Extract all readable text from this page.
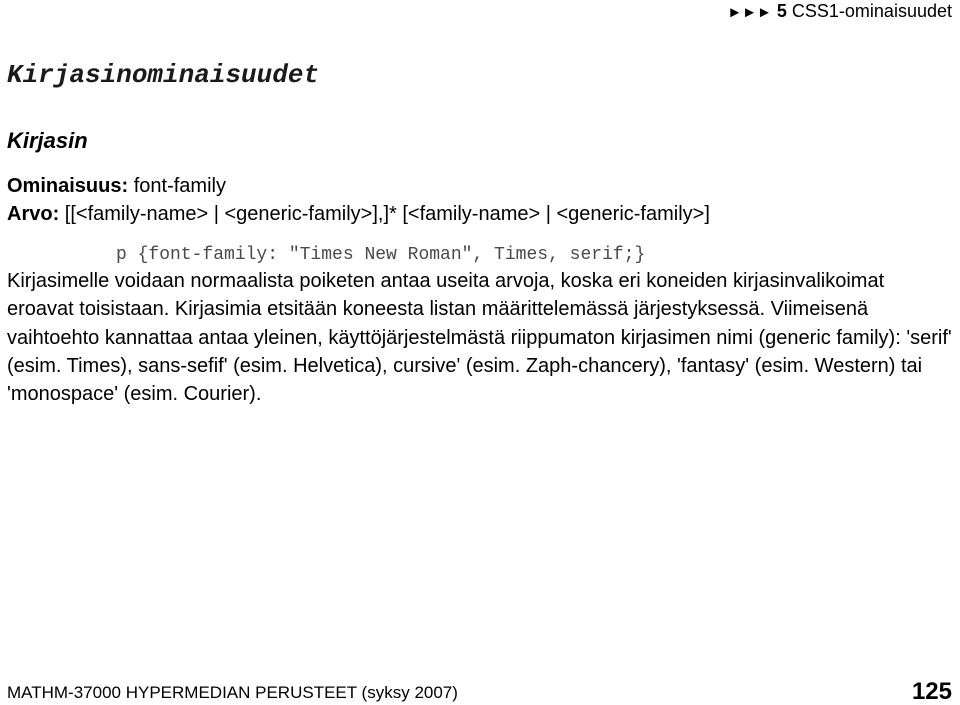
►►► 5 CSS1-ominaisuudet
Kirjasinominaisuudet
Kirjasin
Ominaisuus: font-family
Arvo: [[<family-name> | <generic-family>],]* [<family-name> | <generic-family>]
p {font-family: "Times New Roman", Times, serif;}

Kirjasimelle voidaan normaalista poiketen antaa useita arvoja, koska eri koneiden kirjasinvalikoimat eroavat toisistaan. Kirjasimia etsitään koneesta listan määrittelemässä järjestyksessä. Viimeisenä vaihtoehto kannattaa antaa yleinen, käyttöjärjestelmästä riippumaton kirjasimen nimi (generic family): 'serif' (esim. Times), sans-sefif' (esim. Helvetica), cursive' (esim. Zaph-chancery), 'fantasy' (esim. Western) tai 'monospace' (esim. Courier).

MATHM-37000 HYPERMEDIAN PERUSTEET (syksy 2007)	125
